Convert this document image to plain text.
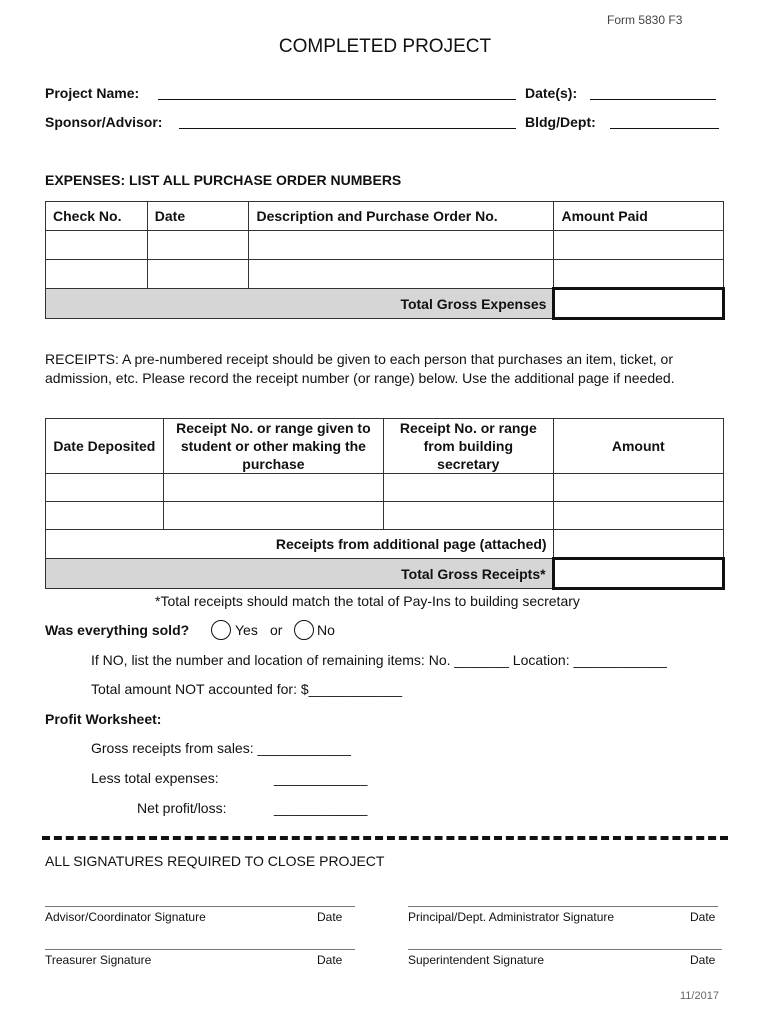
Form 5830 F3
COMPLETED PROJECT
Project Name:	Date(s):
Sponsor/Advisor:	Bldg/Dept:
EXPENSES: LIST ALL PURCHASE ORDER NUMBERS
Check No.	Date	Description and Purchase Order No.	Amount Paid

Total Gross Expenses			
RECEIPTS: A pre-numbered receipt should be given to each person that purchases an item, ticket, or admission, etc. Please record the receipt number (or range) below. Use the additional page if needed.
Date Deposited	Receipt No. or range given to student or other making the purchase	Receipt No. or range from building secretary	Amount

Receipts from additional page (attached)			
Total Gross Receipts*			
*Total receipts should match the total of Pay-Ins to building secretary
Was everything sold?	Yes or No
If NO, list the number and location of remaining items: No. _______ Location: ____________
Total amount NOT accounted for: $____________
Profit Worksheet:
Gross receipts from sales: ____________
Less total expenses:	____________
Net profit/loss:	____________
ALL SIGNATURES REQUIRED TO CLOSE PROJECT
Advisor/Coordinator Signature	Date	Principal/Dept. Administrator Signature	Date
Treasurer Signature	Date	Superintendent Signature	Date
11/2017
